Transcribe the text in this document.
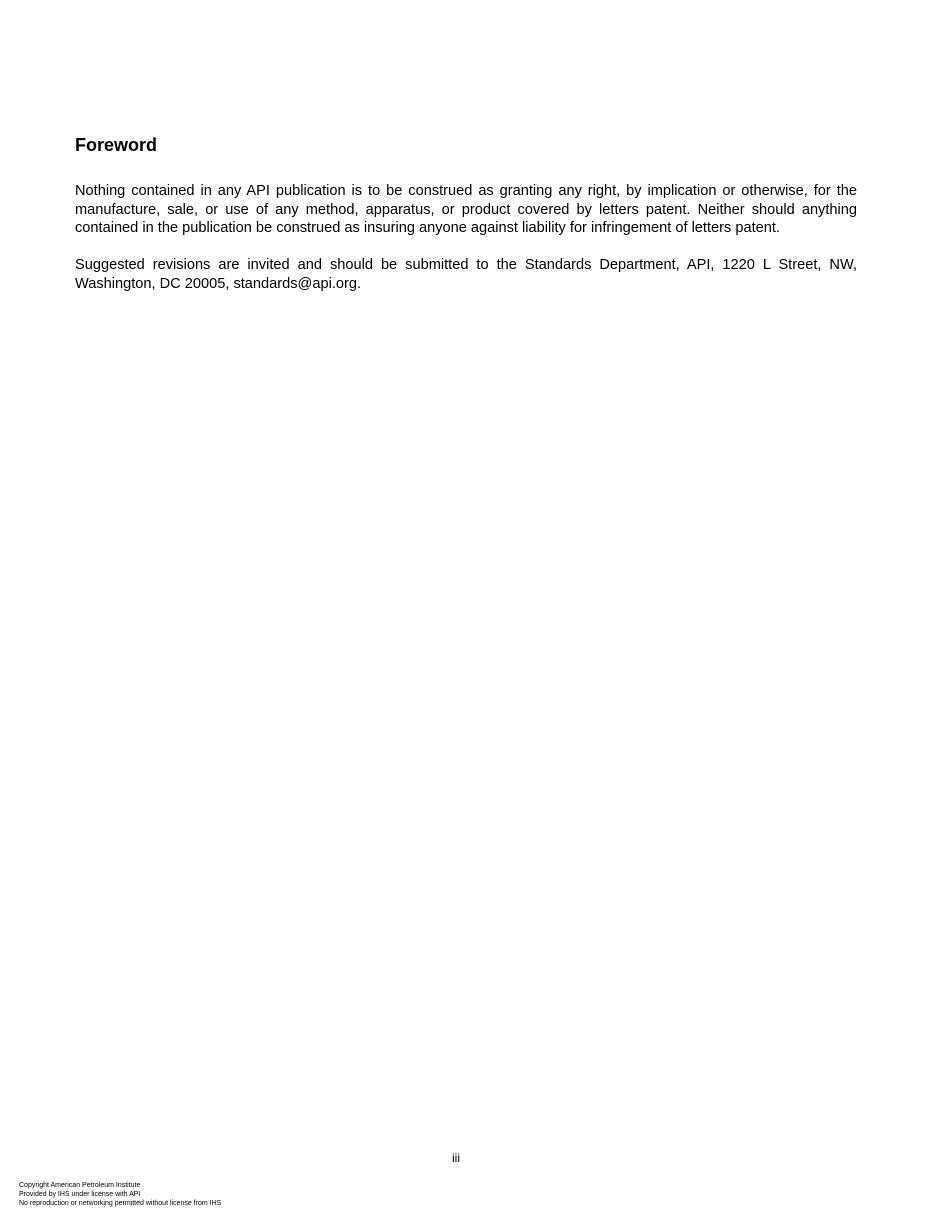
Foreword

Nothing contained in any API publication is to be construed as granting any right, by implication or otherwise, for the manufacture, sale, or use of any method, apparatus, or product covered by letters patent. Neither should anything contained in the publication be construed as insuring anyone against liability for infringement of letters patent.

Suggested revisions are invited and should be submitted to the Standards Department, API, 1220 L Street, NW, Washington, DC 20005, standards@api.org.

iii
Copyright American Petroleum Institute
Provided by IHS under license with API
No reproduction or networking permitted without license from IHS
